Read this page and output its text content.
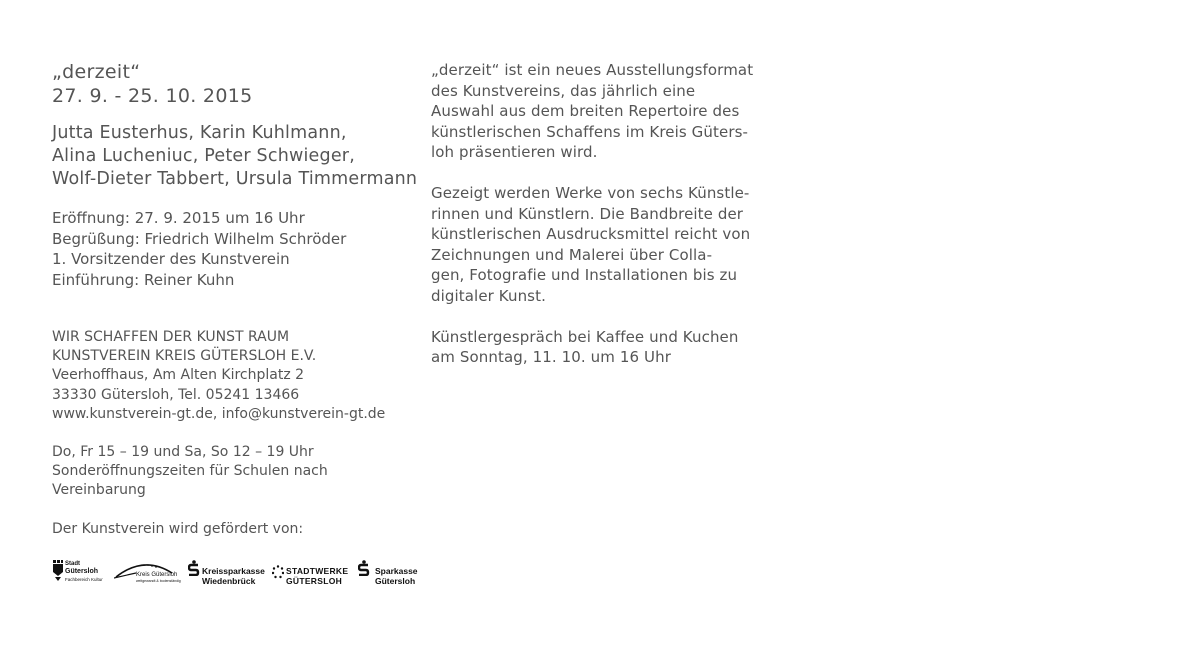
„derzeit“
27. 9. - 25. 10. 2015
Jutta Eusterhus, Karin Kuhlmann,
Alina Lucheniuc, Peter Schwieger,
Wolf-Dieter Tabbert, Ursula Timmermann
Eröffnung: 27. 9. 2015 um 16 Uhr
Begrüßung: Friedrich Wilhelm Schröder
1. Vorsitzender des Kunstverein
Einführung: Reiner Kuhn
WIR SCHAFFEN DER KUNST RAUM
KUNSTVEREIN KREIS GÜTERSLOH E.V.
Veerhoffhaus, Am Alten Kirchplatz 2
33330 Gütersloh, Tel. 05241 13466
www.kunstverein-gt.de, info@kunstverein-gt.de
Do, Fr 15 – 19 und Sa, So 12 – 19 Uhr
Sonderöffnungszeiten für Schulen nach
Vereinbarung
Der Kunstverein wird gefördert von:
Stadt
Gütersloh
Fachbereich Kultur
Kreis Gütersloh
weltgewandt & bodenständig
Kreissparkasse
Wiedenbrück
STADTWERKE
GÜTERSLOH
Sparkasse
Gütersloh
„derzeit“ ist ein neues Ausstellungsformat
des Kunstvereins, das jährlich eine
Auswahl aus dem breiten Repertoire des
künstlerischen Schaffens im Kreis Güters-
loh präsentieren wird.
Gezeigt werden Werke von sechs Künstle-
rinnen und Künstlern. Die Bandbreite der
künstlerischen Ausdrucksmittel reicht von
Zeichnungen und Malerei über Colla-
gen, Fotografie und Installationen bis zu
digitaler Kunst.
Künstlergespräch bei Kaffee und Kuchen
am Sonntag, 11. 10. um 16 Uhr
